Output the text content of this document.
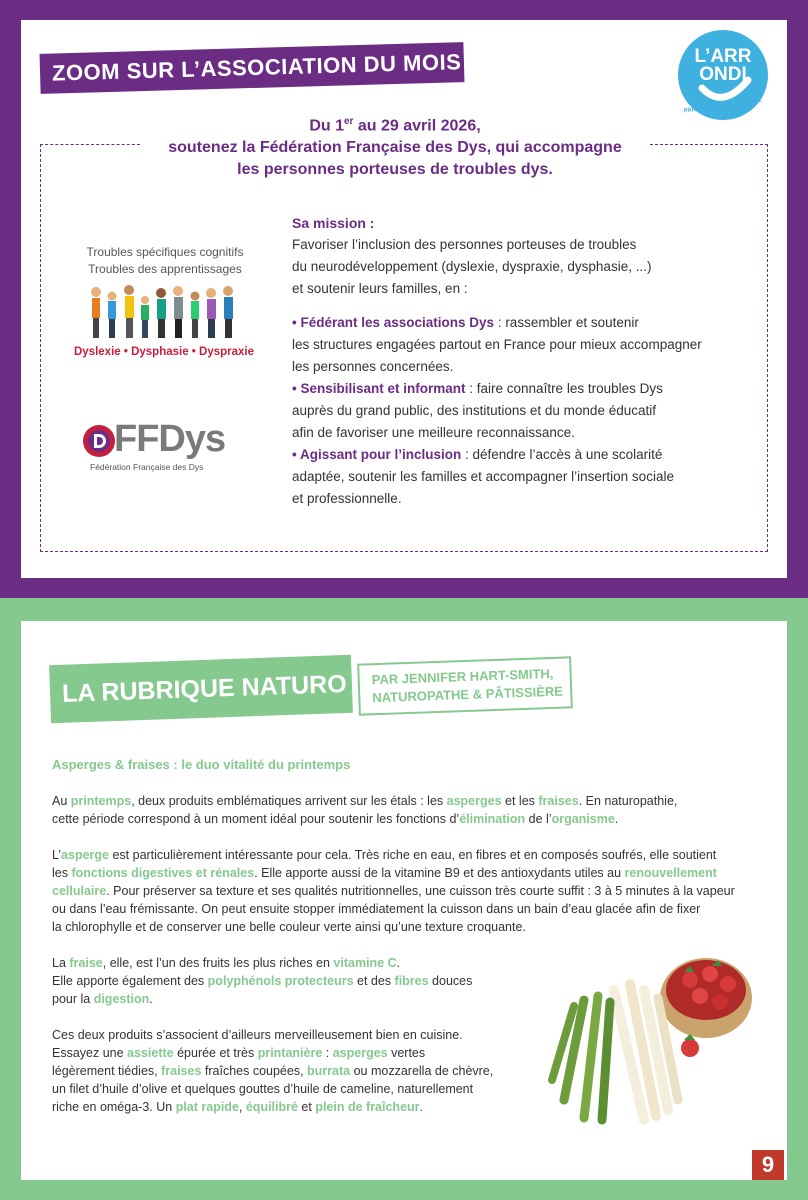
ZOOM SUR L’ASSOCIATION DU MOIS	L’ARR
ONDI
PAR LA BANQUE POSTALE
Du 1er au 29 avril 2026,
soutenez la Fédération Française des Dys, qui accompagne
les personnes porteuses de troubles dys.
Troubles spécifiques cognitifs
Troubles des apprentissages
Dyslexie • Dysphasie • Dyspraxie
FFDys
Fédération Française des Dys

Sa mission :

Favoriser l’inclusion des personnes porteuses de troubles

du neurodéveloppement (dyslexie, dyspraxie, dysphasie, ...)

et soutenir leurs familles, en :

• Fédérant les associations Dys : rassembler et soutenir

les structures engagées partout en France pour mieux accompagner

les personnes concernées.

• Sensibilisant et informant : faire connaître les troubles Dys

auprès du grand public, des institutions et du monde éducatif

afin de favoriser une meilleure reconnaissance.

• Agissant pour l’inclusion : défendre l’accès à une scolarité

adaptée, soutenir les familles et accompagner l’insertion sociale

et professionnelle.

LA RUBRIQUE NATURO	PAR JENNIFER HART-SMITH,
NATUROPATHE & PÂTISSIÈRE

Asperges & fraises : le duo vitalité du printemps

Au printemps, deux produits emblématiques arrivent sur les étals : les asperges et les fraises. En naturopathie,

cette période correspond à un moment idéal pour soutenir les fonctions d’élimination de l’organisme.

L’asperge est particulièrement intéressante pour cela. Très riche en eau, en fibres et en composés soufrés, elle soutient

les fonctions digestives et rénales. Elle apporte aussi de la vitamine B9 et des antioxydants utiles au renouvellement

cellulaire. Pour préserver sa texture et ses qualités nutritionnelles, une cuisson très courte suffit : 3 à 5 minutes à la vapeur

ou dans l’eau frémissante. On peut ensuite stopper immédiatement la cuisson dans un bain d’eau glacée afin de fixer

la chlorophylle et de conserver une belle couleur verte ainsi qu’une texture croquante.

La fraise, elle, est l’un des fruits les plus riches en vitamine C.

Elle apporte également des polyphénols protecteurs et des fibres douces

pour la digestion.

Ces deux produits s’associent d’ailleurs merveilleusement bien en cuisine.

Essayez une assiette épurée et très printanière : asperges vertes

légèrement tiédies, fraises fraîches coupées, burrata ou mozzarella de chèvre,

un filet d’huile d’olive et quelques gouttes d’huile de cameline, naturellement

riche en oméga-3. Un plat rapide, équilibré et plein de fraîcheur.

9
